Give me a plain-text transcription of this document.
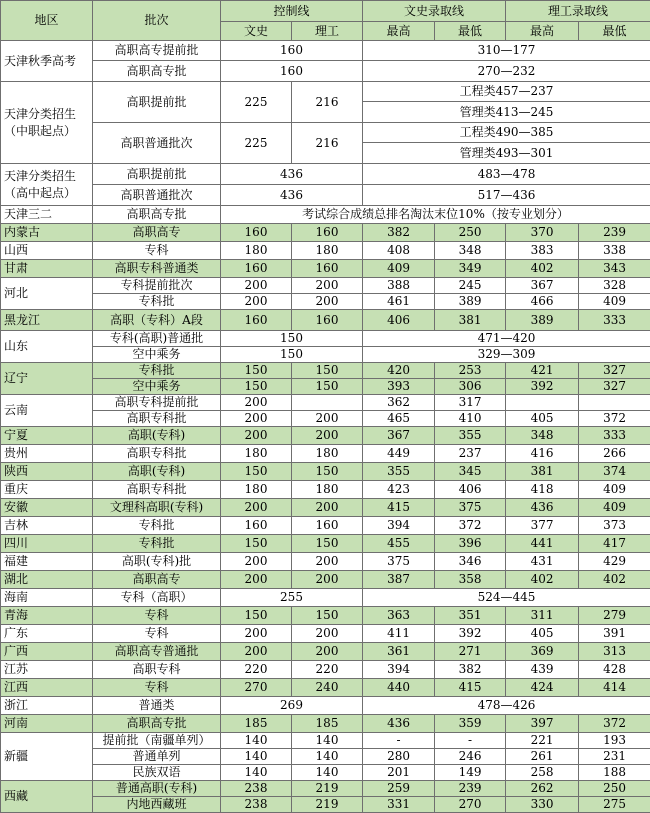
地区	批次	控制线		文史录取线		理工录取线	
		文史	理工	最高	最低	最高	最低
天津秋季高考	高职高专提前批	160		310—177			
	高职高专批	160		270—232			
天津分类招生（中职起点）	高职提前批	225	216	工程类457—237			
				管理类413—245			
	高职普通批次	225	216	工程类490—385			
				管理类493—301			
天津分类招生（高中起点）	高职提前批	436		483—478			
	高职普通批次	436		517—436			
天津三二	高职高专批	考试综合成绩总排名淘汰末位10%（按专业划分）					
内蒙古	高职高专	160	160	382	250	370	239
山西	专科	180	180	408	348	383	338
甘肃	高职专科普通类	160	160	409	349	402	343
河北	专科提前批次	200	200	388	245	367	328
	专科批	200	200	461	389	466	409
黑龙江	高职（专科）A段	160	160	406	381	389	333
山东	专科(高职)普通批	150		471—420			
	空中乘务	150		329—309			
辽宁	专科批	150	150	420	253	421	327
	空中乘务	150	150	393	306	392	327
云南	高职专科提前批	200		362	317		
	高职专科批	200	200	465	410	405	372
宁夏	高职(专科)	200	200	367	355	348	333
贵州	高职专科批	180	180	449	237	416	266
陕西	高职(专科)	150	150	355	345	381	374
重庆	高职专科批	180	180	423	406	418	409
安徽	文理科高职(专科)	200	200	415	375	436	409
吉林	专科批	160	160	394	372	377	373
四川	专科批	150	150	455	396	441	417
福建	高职(专科)批	200	200	375	346	431	429
湖北	高职高专	200	200	387	358	402	402
海南	专科（高职）	255		524—445			
青海	专科	150	150	363	351	311	279
广东	专科	200	200	411	392	405	391
广西	高职高专普通批	200	200	361	271	369	313
江苏	高职专科	220	220	394	382	439	428
江西	专科	270	240	440	415	424	414
浙江	普通类	269		478—426			
河南	高职高专批	185	185	436	359	397	372
新疆	提前批（南疆单列）	140	140	-	-	221	193
	普通单列	140	140	280	246	261	231
	民族双语	140	140	201	149	258	188
西藏	普通高职(专科)	238	219	259	239	262	250
	内地西藏班	238	219	331	270	330	275
